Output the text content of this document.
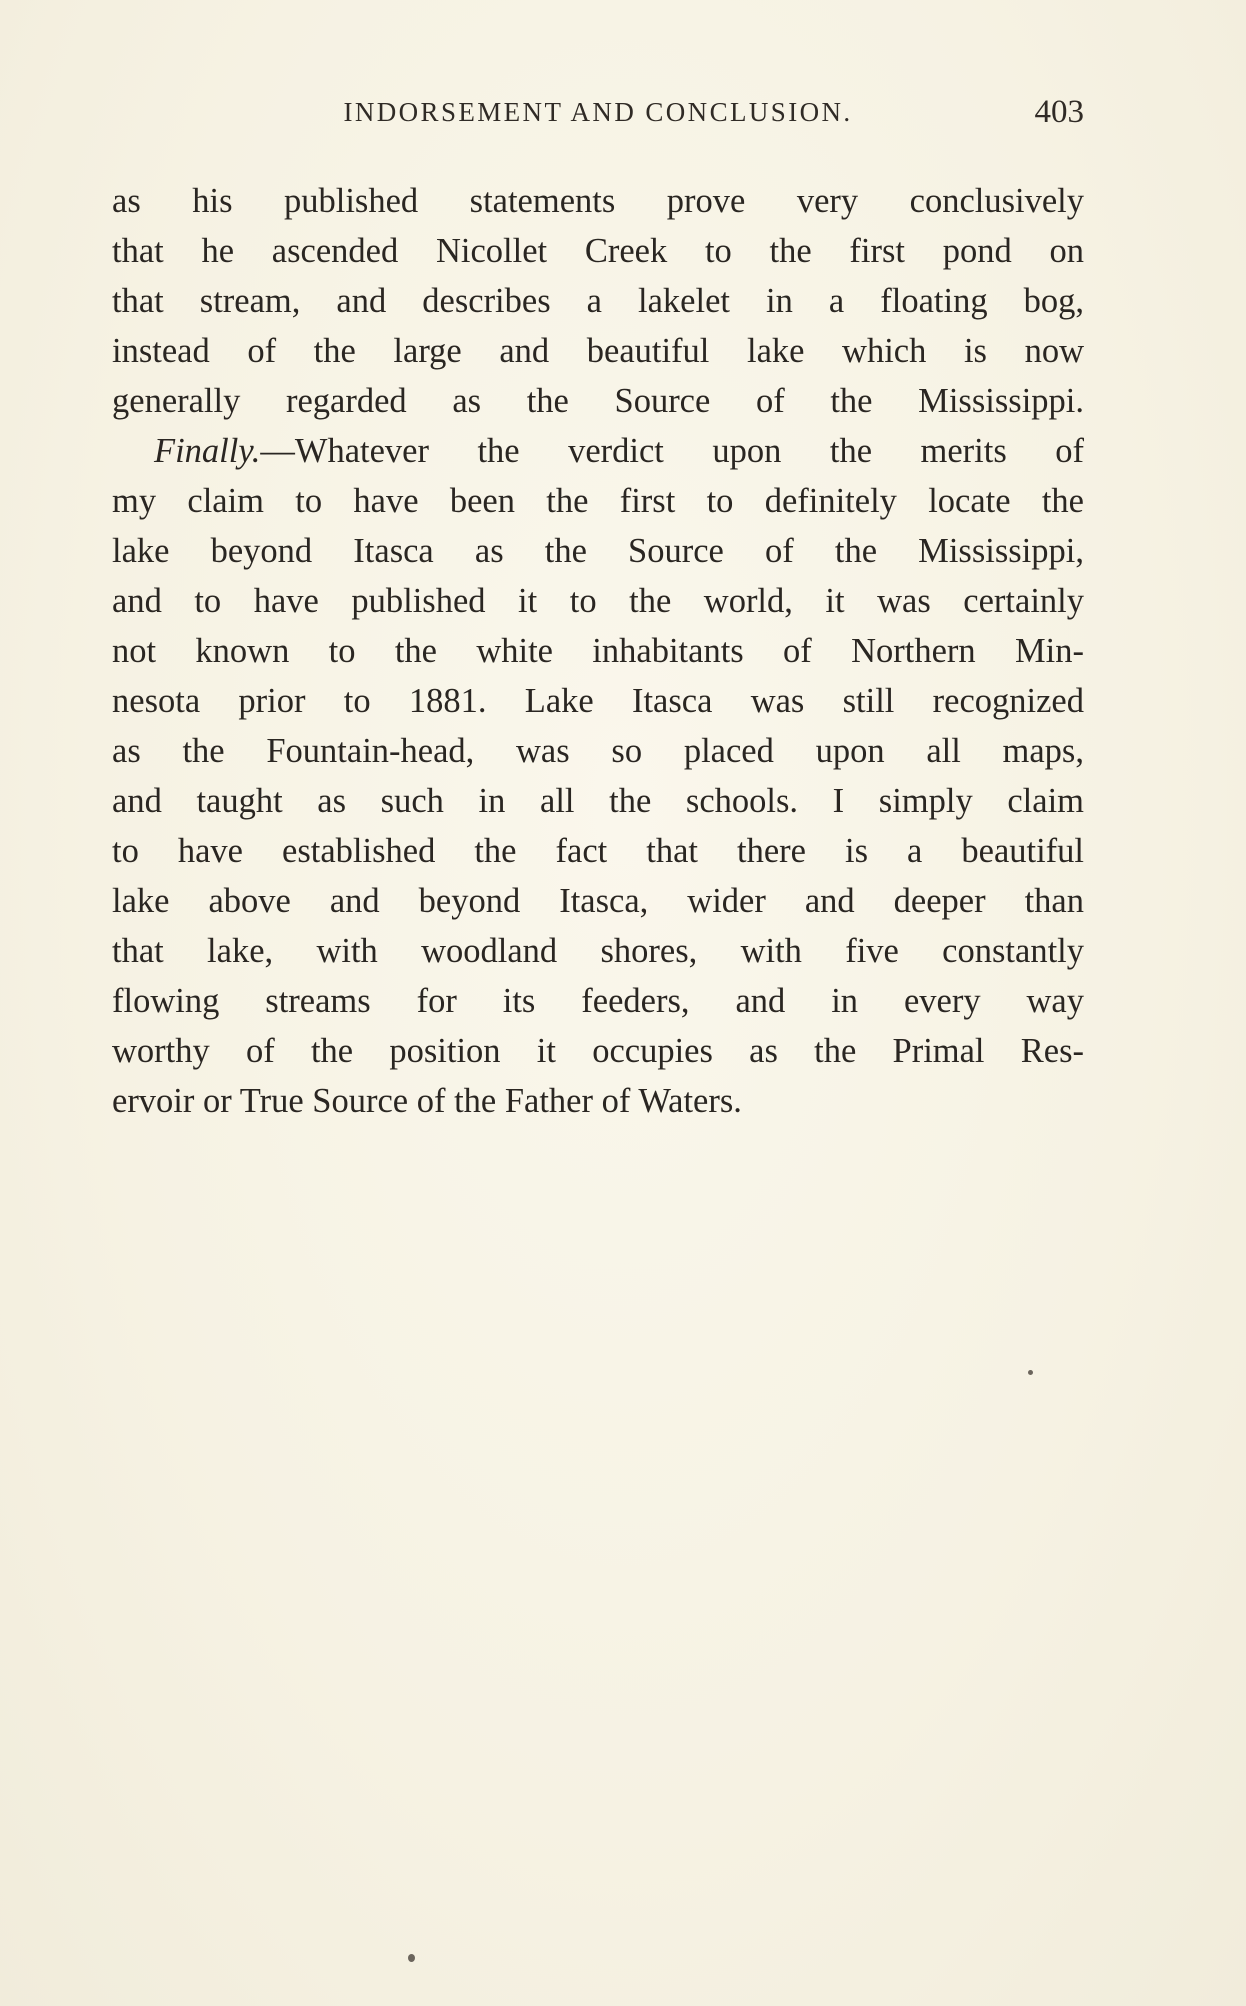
INDORSEMENT AND CONCLUSION.	403
as his published statements prove very conclusively
that he ascended Nicollet Creek to the first pond on
that stream, and describes a lakelet in a floating bog,
instead of the large and beautiful lake which is now
generally regarded as the Source of the Mississippi.
Finally.—Whatever the verdict upon the merits of
my claim to have been the first to definitely locate the
lake beyond Itasca as the Source of the Mississippi,
and to have published it to the world, it was certainly
not known to the white inhabitants of Northern Min-
nesota prior to 1881. Lake Itasca was still recognized
as the Fountain-head, was so placed upon all maps,
and taught as such in all the schools. I simply claim
to have established the fact that there is a beautiful
lake above and beyond Itasca, wider and deeper than
that lake, with woodland shores, with five constantly
flowing streams for its feeders, and in every way
worthy of the position it occupies as the Primal Res-
ervoir or True Source of the Father of Waters.
